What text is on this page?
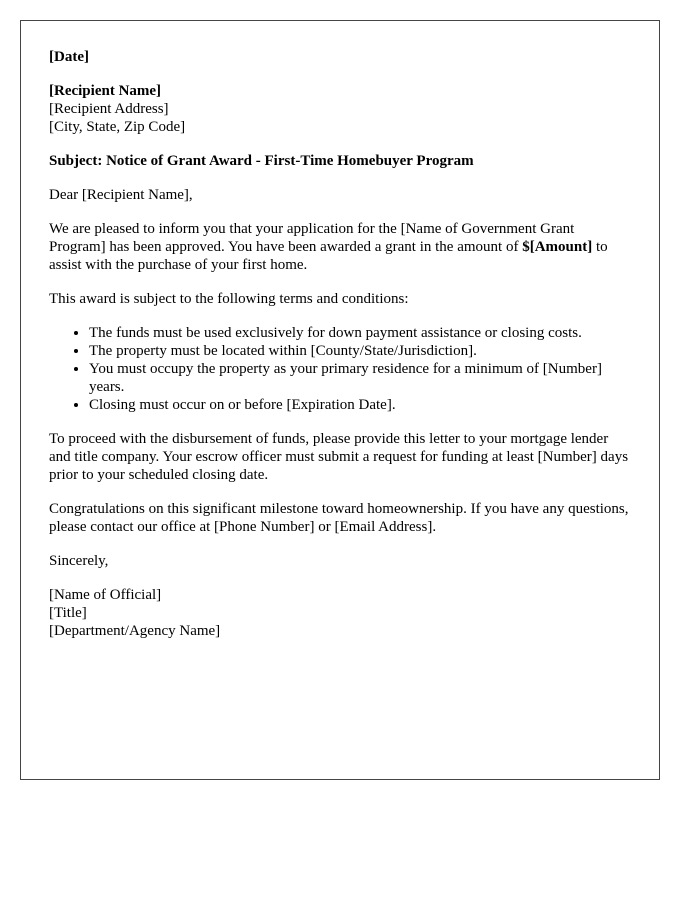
[Date]

[Recipient Name]
[Recipient Address]
[City, State, Zip Code]

Subject: Notice of Grant Award - First-Time Homebuyer Program

Dear [Recipient Name],

We are pleased to inform you that your application for the [Name of Government Grant Program] has been approved. You have been awarded a grant in the amount of $[Amount] to assist with the purchase of your first home.

This award is subject to the following terms and conditions:

• The funds must be used exclusively for down payment assistance or closing costs.
• The property must be located within [County/State/Jurisdiction].
• You must occupy the property as your primary residence for a minimum of [Number] years.
• Closing must occur on or before [Expiration Date].

To proceed with the disbursement of funds, please provide this letter to your mortgage lender and title company. Your escrow officer must submit a request for funding at least [Number] days prior to your scheduled closing date.

Congratulations on this significant milestone toward homeownership. If you have any questions, please contact our office at [Phone Number] or [Email Address].

Sincerely,

[Name of Official]
[Title]
[Department/Agency Name]
